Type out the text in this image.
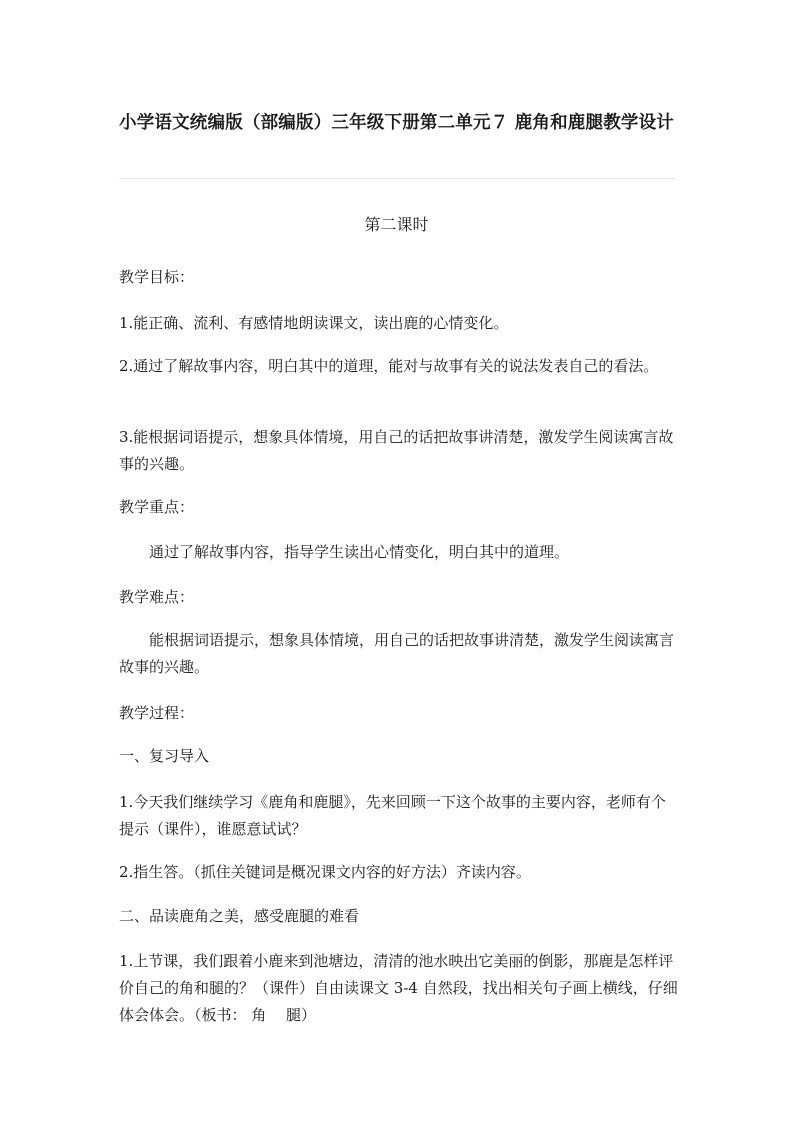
小学语文统编版（部编版）三年级下册第二单元７ 鹿角和鹿腿教学设计

第二课时

教学目标：

1.能正确、流利、有感情地朗读课文，读出鹿的心情变化。

2.通过了解故事内容，明白其中的道理，能对与故事有关的说法发表自己的看法。

3.能根据词语提示，想象具体情境，用自己的话把故事讲清楚，激发学生阅读寓言故事的兴趣。

教学重点：

通过了解故事内容，指导学生读出心情变化，明白其中的道理。

教学难点：

能根据词语提示，想象具体情境，用自己的话把故事讲清楚，激发学生阅读寓言故事的兴趣。

教学过程：

一、复习导入

1.今天我们继续学习《鹿角和鹿腿》，先来回顾一下这个故事的主要内容，老师有个提示（课件），谁愿意试试？

2.指生答。（抓住关键词是概况课文内容的好方法）齐读内容。

二、品读鹿角之美，感受鹿腿的难看

1.上节课，我们跟着小鹿来到池塘边，清清的池水映出它美丽的倒影，那鹿是怎样评价自己的角和腿的？（课件）自由读课文 3-4 自然段，找出相关句子画上横线，仔细体会体会。（板书： 角　 腿）
